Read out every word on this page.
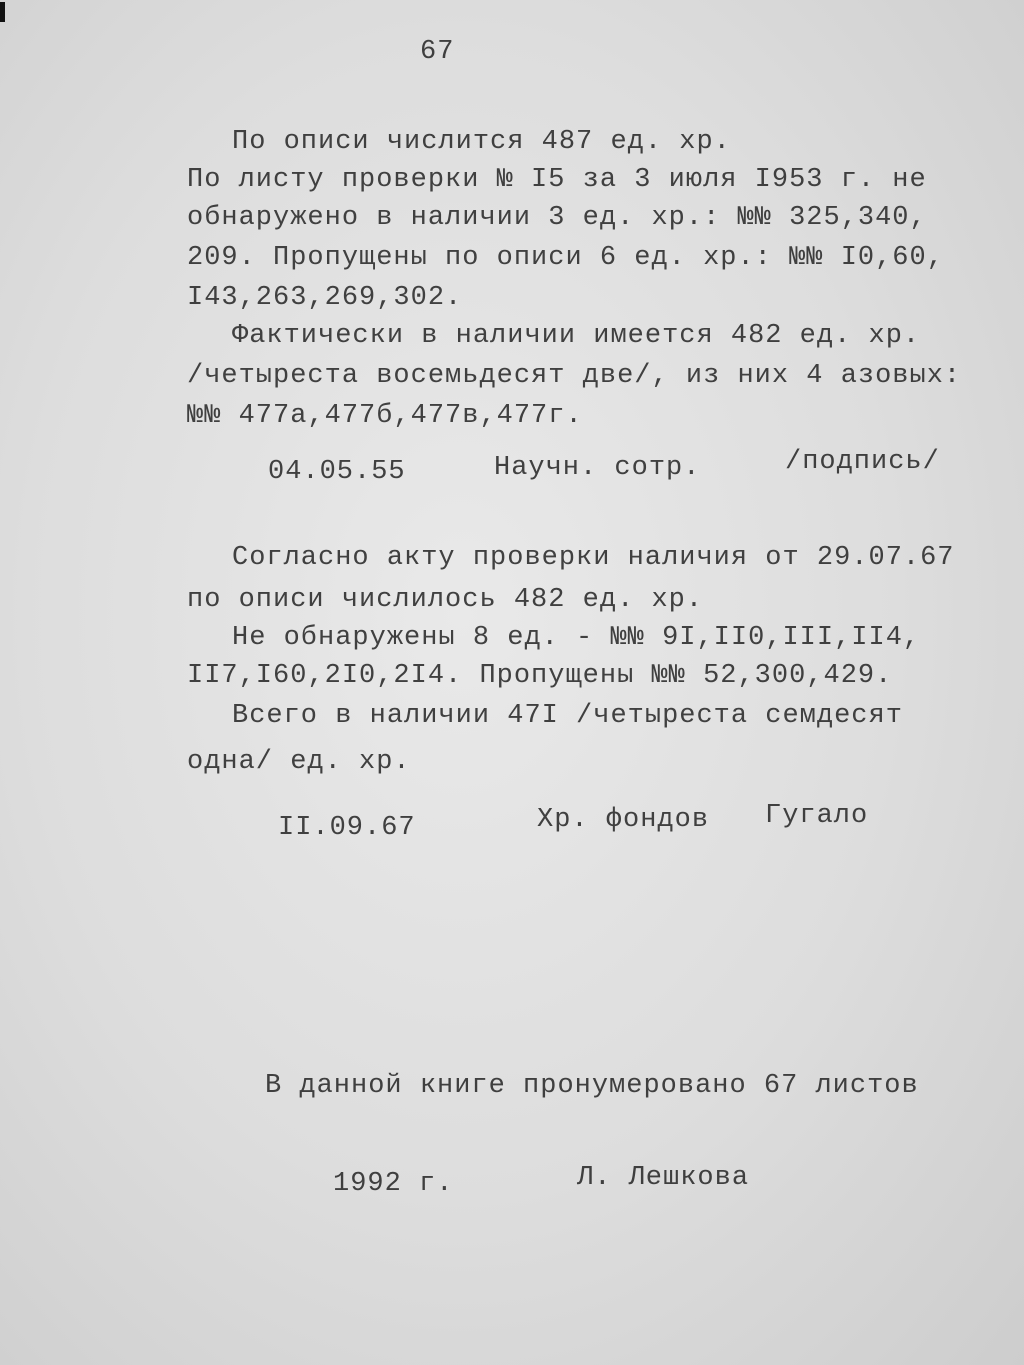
67
По описи числится 487 ед. хр.
По листу проверки № I5 за 3 июля I953 г. не
обнаружено в наличии 3 ед. хр.: №№ 325,340,
209. Пропущены по описи 6 ед. хр.: №№ I0,60,
I43,263,269,302.
Фактически в наличии имеется 482 ед. хр.
/четыреста восемьдесят две/, из них 4 азовых:
№№ 477а,477б,477в,477г.
04.05.55	Научн. сотр.	/подпись/
Согласно акту проверки наличия от 29.07.67
по описи числилось 482 ед. хр.
Не обнаружены 8 ед. - №№ 9I,II0,III,II4,
II7,I60,2I0,2I4. Пропущены №№ 52,300,429.
Всего в наличии 47I /четыреста семдесят
одна/ ед. хр.
II.09.67	Хр. фондов Гугало
В данной книге пронумеровано 67 листов
1992 г.	Л. Лешкова
